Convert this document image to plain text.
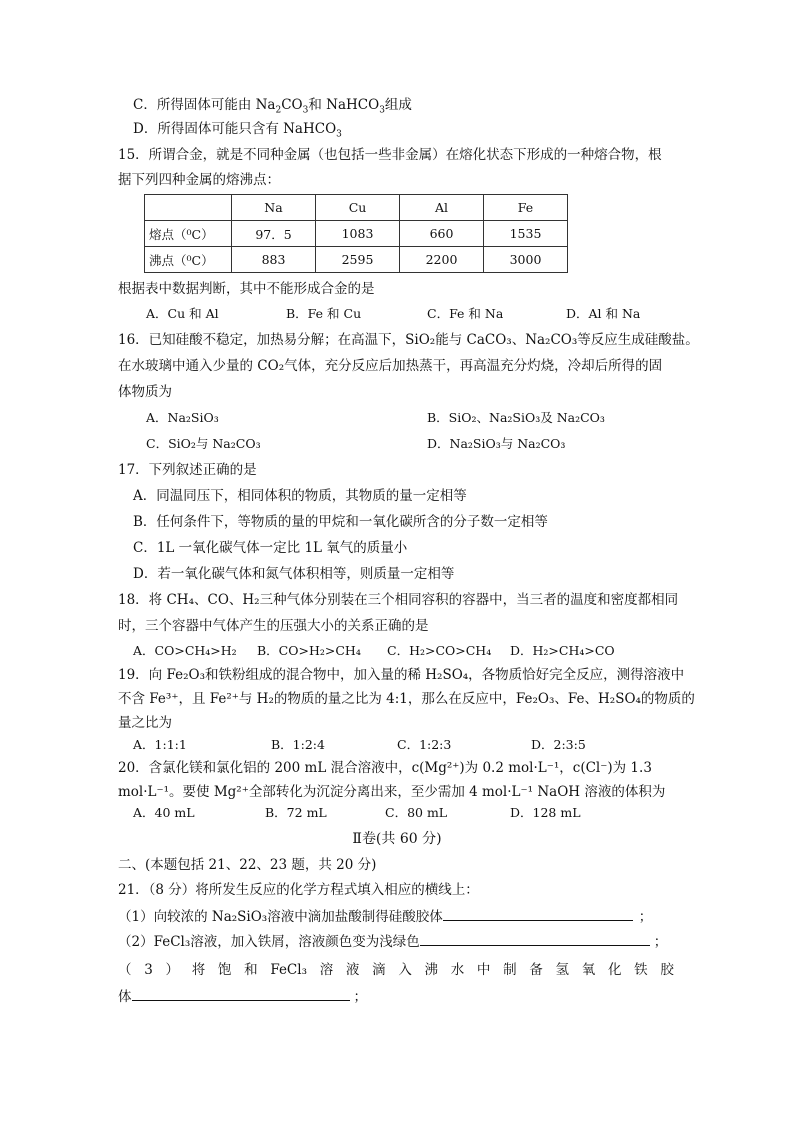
C．所得固体可能由 $Na_2CO_3$和 NaHCO$_3$组成
D．所得固体可能只含有 NaHCO$_3$
15．所谓合金，就是不同种金属（也包括一些非金属）在熔化状态下形成的一种熔合物，根
据下列四种金属的熔沸点：
	Na	Cu	Al	Fe
熔点（⁰C）	97．5	1083	660	1535
沸点（⁰C）	883	2595	2200	3000
根据表中数据判断，其中不能形成合金的是
A．Cu 和 Al	B．Fe 和 Cu	C．Fe 和 Na	D．Al 和 Na
16．已知硅酸不稳定，加热易分解；在高温下，SiO₂能与 CaCO₃、Na₂CO₃等反应生成硅酸盐。
在水玻璃中通入少量的 CO₂气体，充分反应后加热蒸干，再高温充分灼烧，冷却后所得的固
体物质为
A．Na₂SiO₃	B．SiO₂、Na₂SiO₃及 Na₂CO₃
C．SiO₂与 Na₂CO₃	D．Na₂SiO₃与 Na₂CO₃
17．下列叙述正确的是
A．同温同压下，相同体积的物质，其物质的量一定相等
B．任何条件下，等物质的量的甲烷和一氧化碳所含的分子数一定相等
C．1L 一氧化碳气体一定比 1L 氧气的质量小
D．若一氧化碳气体和氮气体积相等，则质量一定相等
18．将 CH₄、CO、H₂三种气体分别装在三个相同容积的容器中，当三者的温度和密度都相同
时，三个容器中气体产生的压强大小的关系正确的是
A．CO>CH₄>H₂ B．CO>H₂>CH₄ C．H₂>CO>CH₄ D．H₂>CH₄>CO
19．向 Fe₂O₃和铁粉组成的混合物中，加入量的稀 H₂SO₄，各物质恰好完全反应，测得溶液中
不含 Fe³⁺，且 Fe²⁺与 H₂的物质的量之比为 4:1，那么在反应中，Fe₂O₃、Fe、H₂SO₄的物质的
量之比为
A．1:1:1	B．1:2:4	C．1:2:3	D．2:3:5
20．含氯化镁和氯化铝的 200 mL 混合溶液中，c(Mg²⁺)为 0.2 mol·L⁻¹，c(Cl⁻)为 1.3
mol·L⁻¹。要使 Mg²⁺全部转化为沉淀分离出来，至少需加 4 mol·L⁻¹ NaOH 溶液的体积为
A．40 mL	B．72 mL	C．80 mL	D．128 mL
Ⅱ卷(共 60 分)
二、(本题包括 21、22、23 题，共 20 分)
21．（8 分）将所发生反应的化学方程式填入相应的横线上：
（1）向较浓的 Na₂SiO₃溶液中滴加盐酸制得硅酸胶体	；
（2）FeCl₃溶液，加入铁屑，溶液颜色变为浅绿色	；
（ 3 ） 将 饱 和 FeCl₃ 溶 液 滴 入 沸 水 中 制 备 氢 氧 化 铁 胶
体	；
